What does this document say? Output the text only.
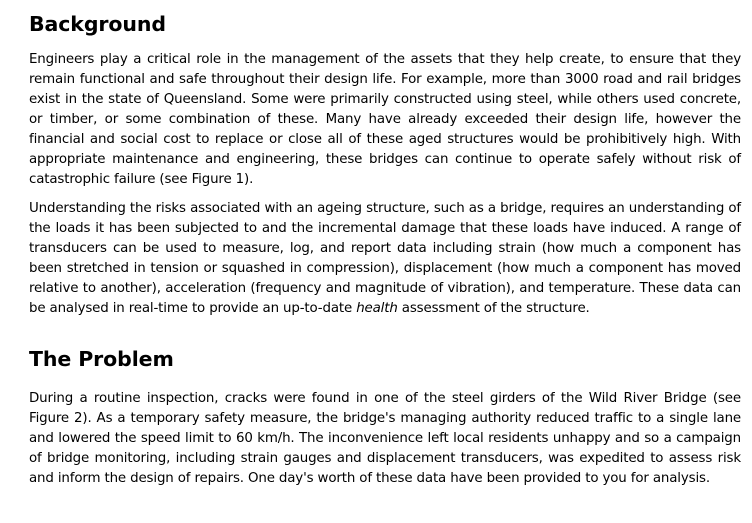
Background

Engineers play a critical role in the management of the assets that they help create, to ensure that they remain functional and safe throughout their design life. For example, more than 3000 road and rail bridges exist in the state of Queensland. Some were primarily constructed using steel, while others used concrete, or timber, or some combination of these. Many have already exceeded their design life, however the financial and social cost to replace or close all of these aged structures would be prohibitively high. With appropriate maintenance and engineering, these bridges can continue to operate safely without risk of catastrophic failure (see Figure 1).

Understanding the risks associated with an ageing structure, such as a bridge, requires an understanding of the loads it has been subjected to and the incremental damage that these loads have induced. A range of transducers can be used to measure, log, and report data including strain (how much a component has been stretched in tension or squashed in compression), displacement (how much a component has moved relative to another), acceleration (frequency and magnitude of vibration), and temperature. These data can be analysed in real-time to provide an up-to-date health assessment of the structure.

The Problem

During a routine inspection, cracks were found in one of the steel girders of the Wild River Bridge (see Figure 2). As a temporary safety measure, the bridge's managing authority reduced traffic to a single lane and lowered the speed limit to 60 km/h. The inconvenience left local residents unhappy and so a campaign of bridge monitoring, including strain gauges and displacement transducers, was expedited to assess risk and inform the design of repairs. One day's worth of these data have been provided to you for analysis.
